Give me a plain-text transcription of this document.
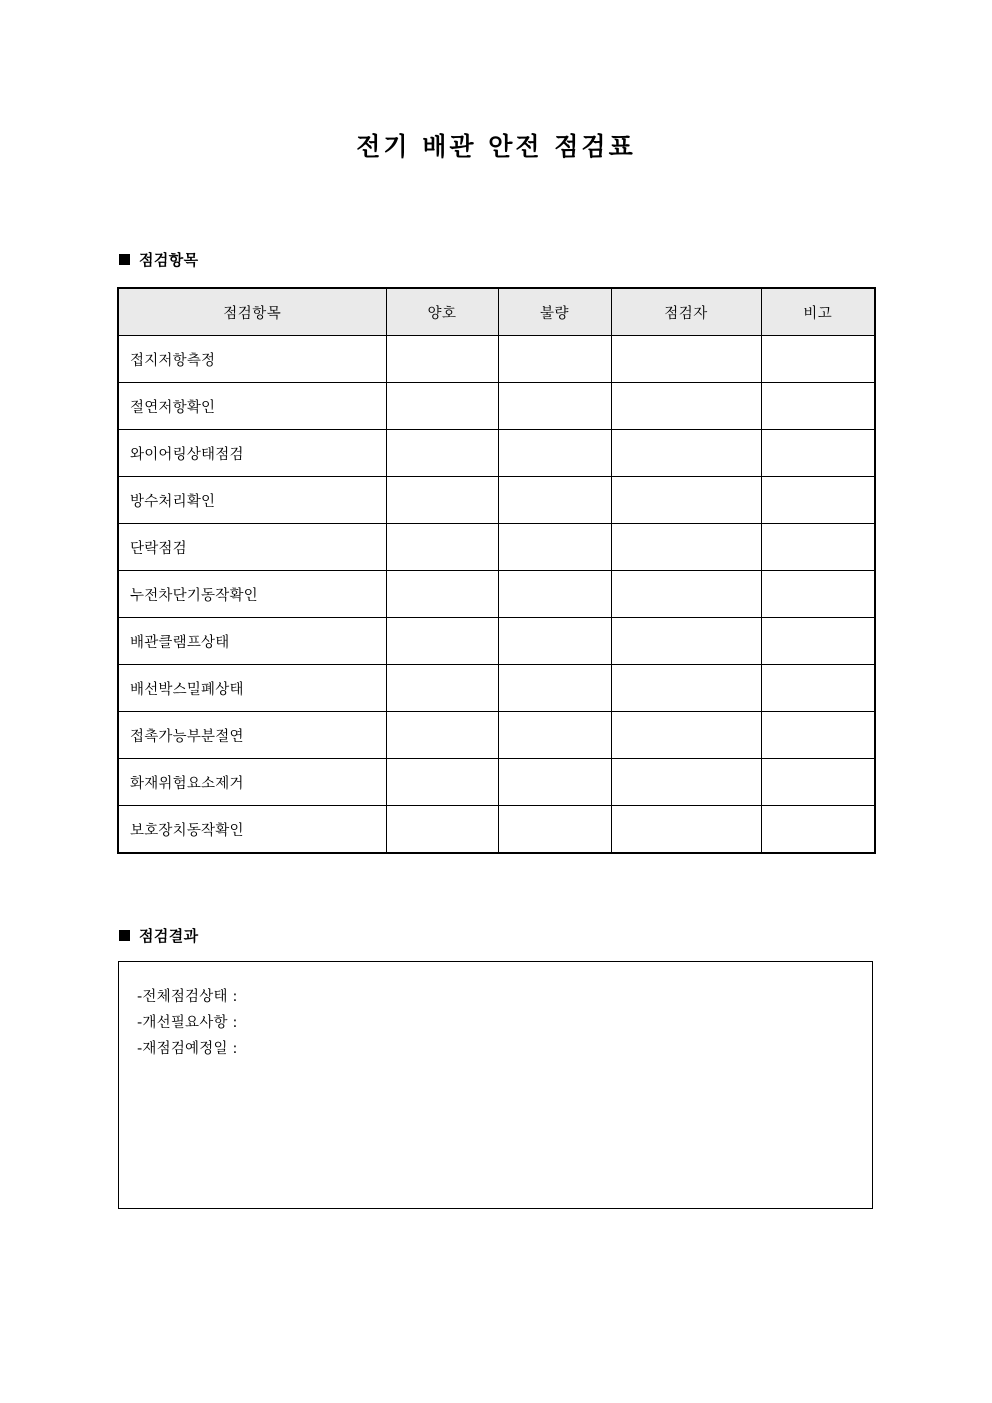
전기 배관 안전 점검표
점검항목
점검항목	양호	불량	점검자	비고
접지저항측정				
절연저항확인				
와이어링상태점검				
방수처리확인				
단락점검				
누전차단기동작확인				
배관클램프상태				
배선박스밀폐상태				
접촉가능부분절연				
화재위험요소제거				
보호장치동작확인				
점검결과
-전체점검상태 :
-개선필요사항 :
-재점검예정일 :
